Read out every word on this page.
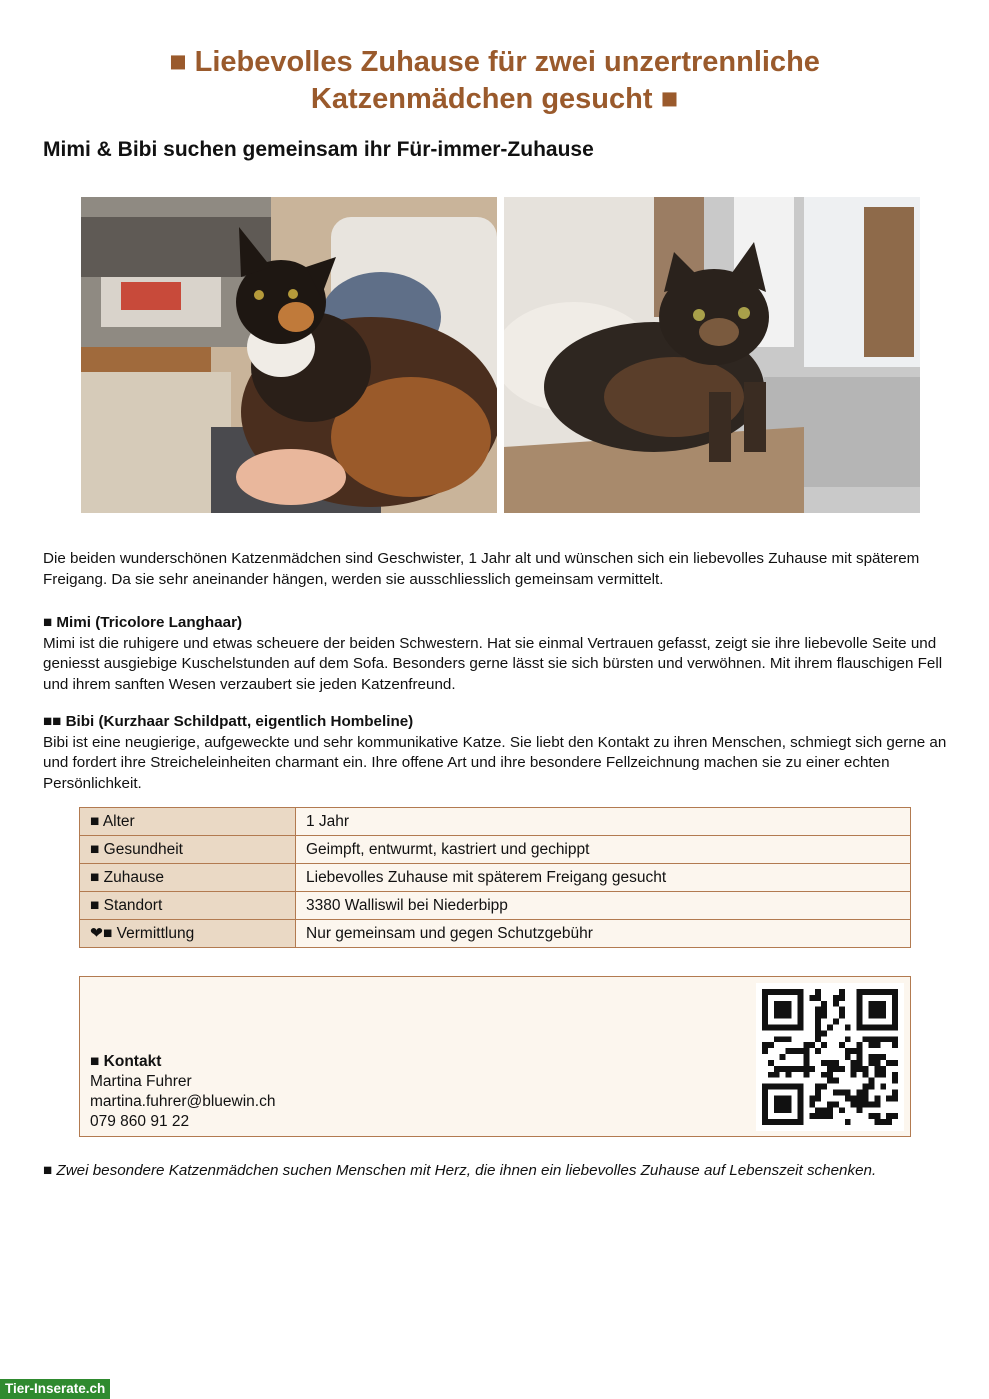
■ Liebevolles Zuhause für zwei unzertrennliche
Katzenmädchen gesucht ■
Mimi & Bibi suchen gemeinsam ihr Für-immer-Zuhause

Die beiden wunderschönen Katzenmädchen sind Geschwister, 1 Jahr alt und wünschen sich ein liebevolles Zuhause mit späterem Freigang. Da sie sehr aneinander hängen, werden sie ausschliesslich gemeinsam vermittelt.

■ Mimi (Tricolore Langhaar)
Mimi ist die ruhigere und etwas scheuere der beiden Schwestern. Hat sie einmal Vertrauen gefasst, zeigt sie ihre liebevolle Seite und geniesst ausgiebige Kuschelstunden auf dem Sofa. Besonders gerne lässt sie sich bürsten und verwöhnen. Mit ihrem flauschigen Fell und ihrem sanften Wesen verzaubert sie jeden Katzenfreund.
■■ Bibi (Kurzhaar Schildpatt, eigentlich Hombeline)
Bibi ist eine neugierige, aufgeweckte und sehr kommunikative Katze. Sie liebt den Kontakt zu ihren Menschen, schmiegt sich gerne an und fordert ihre Streicheleinheiten charmant ein. Ihre offene Art und ihre besondere Fellzeichnung machen sie zu einer echten Persönlichkeit.
■ Alter	1 Jahr
■ Gesundheit	Geimpft, entwurmt, kastriert und gechippt
■ Zuhause	Liebevolles Zuhause mit späterem Freigang gesucht
■ Standort	3380 Walliswil bei Niederbipp
❤■ Vermittlung	Nur gemeinsam und gegen Schutzgebühr
■ Kontakt
Martina Fuhrer
martina.fuhrer@bluewin.ch
079 860 91 22

■ Zwei besondere Katzenmädchen suchen Menschen mit Herz, die ihnen ein liebevolles Zuhause auf Lebenszeit schenken.

Tier-Inserate.ch
